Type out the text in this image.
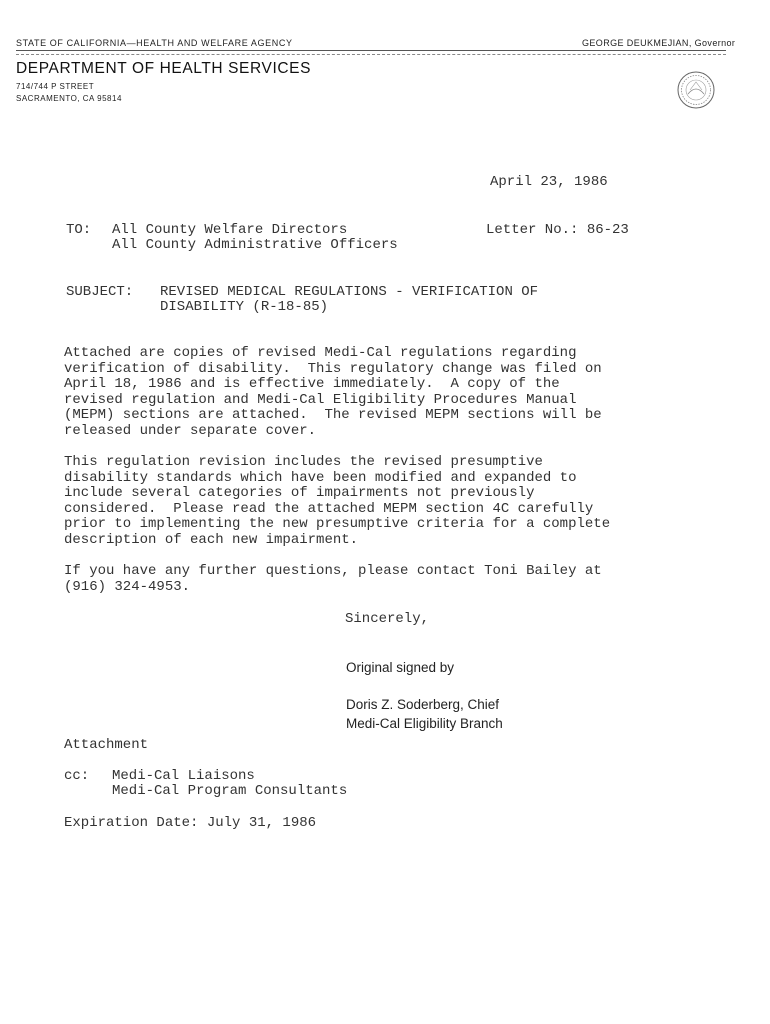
STATE OF CALIFORNIA—HEALTH AND WELFARE AGENCY	GEORGE DEUKMEJIAN, Governor
DEPARTMENT OF HEALTH SERVICES
714/744 P STREET
SACRAMENTO, CA 95814
April 23, 1986
TO: All County Welfare Directors
All County Administrative Officers
Letter No.: 86-23
SUBJECT: REVISED MEDICAL REGULATIONS - VERIFICATION OF
DISABILITY (R-18-85)
Attached are copies of revised Medi-Cal regulations regarding
verification of disability.  This regulatory change was filed on
April 18, 1986 and is effective immediately.  A copy of the
revised regulation and Medi-Cal Eligibility Procedures Manual
(MEPM) sections are attached.  The revised MEPM sections will be
released under separate cover.
This regulation revision includes the revised presumptive
disability standards which have been modified and expanded to
include several categories of impairments not previously
considered.  Please read the attached MEPM section 4C carefully
prior to implementing the new presumptive criteria for a complete
description of each new impairment.
If you have any further questions, please contact Toni Bailey at
(916) 324-4953.
Sincerely,
Original signed by
Doris Z. Soderberg, Chief
Medi-Cal Eligibility Branch
Attachment
cc: Medi-Cal Liaisons
Medi-Cal Program Consultants
Expiration Date: July 31, 1986
